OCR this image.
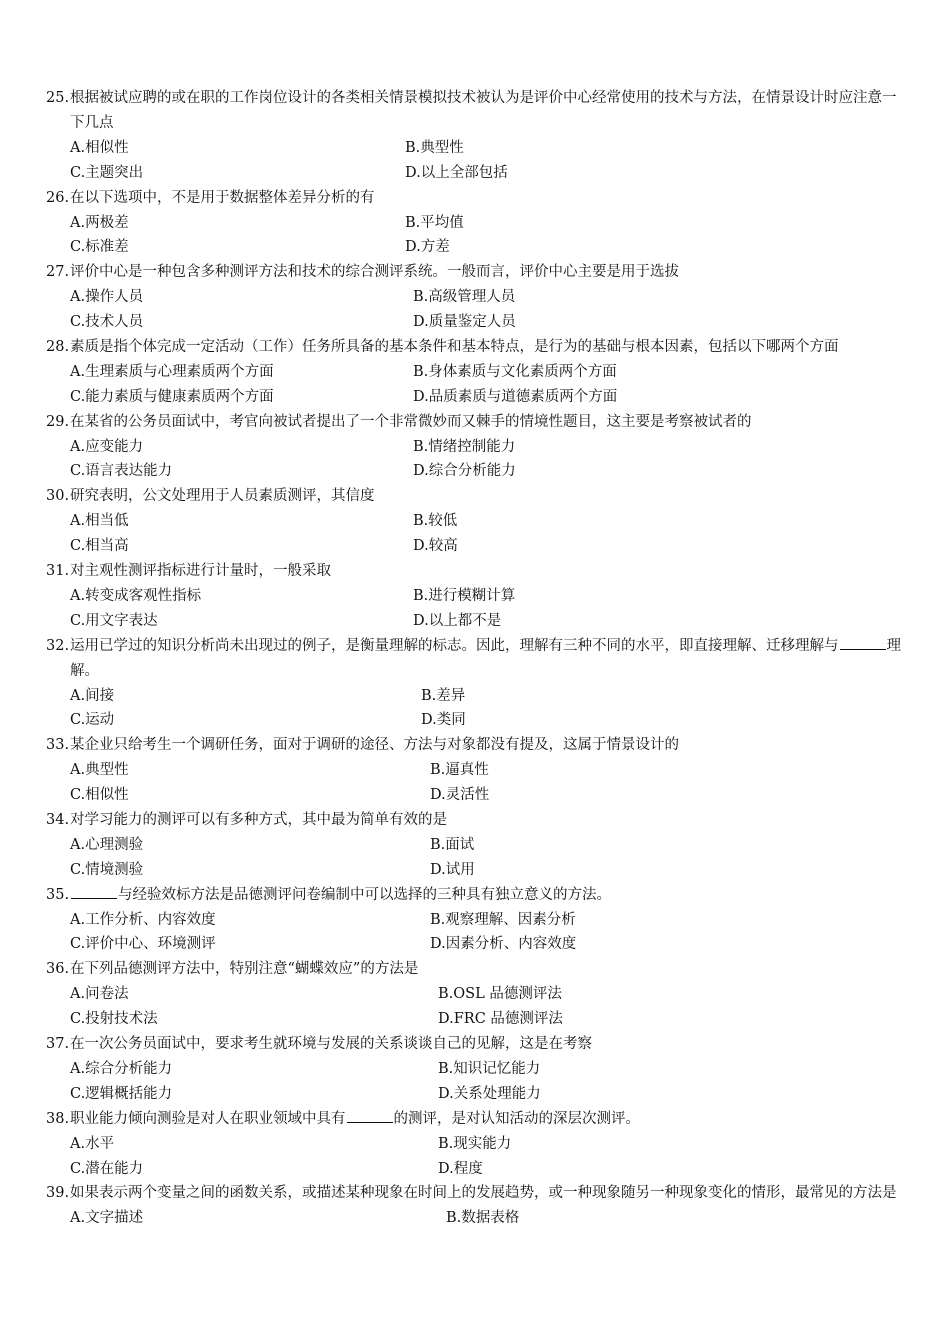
25. 根据被试应聘的或在职的工作岗位设计的各类相关情景模拟技术被认为是评价中心经常使用的技术与方法，在情景设计时应注意一下几点
A.相似性	B.典型性
C.主题突出	D.以上全部包括
26. 在以下选项中，不是用于数据整体差异分析的有
A.两极差	B.平均值
C.标准差	D.方差
27. 评价中心是一种包含多种测评方法和技术的综合测评系统。一般而言，评价中心主要是用于选拔
A.操作人员	B.高级管理人员
C.技术人员	D.质量鉴定人员
28. 素质是指个体完成一定活动（工作）任务所具备的基本条件和基本特点，是行为的基础与根本因素，包括以下哪两个方面
A.生理素质与心理素质两个方面	B.身体素质与文化素质两个方面
C.能力素质与健康素质两个方面	D.品质素质与道德素质两个方面
29. 在某省的公务员面试中，考官向被试者提出了一个非常微妙而又棘手的情境性题目，这主要是考察被试者的
A.应变能力	B.情绪控制能力
C.语言表达能力	D.综合分析能力
30. 研究表明，公文处理用于人员素质测评，其信度
A.相当低	B.较低
C.相当高	D.较高
31. 对主观性测评指标进行计量时，一般采取
A.转变成客观性指标	B.进行模糊计算
C.用文字表达	D.以上都不是
32. 运用已学过的知识分析尚未出现过的例子，是衡量理解的标志。因此，理解有三种不同的水平，即直接理解、迁移理解与	理解。
A.间接	B.差异
C.运动	D.类同
33. 某企业只给考生一个调研任务，面对于调研的途径、方法与对象都没有提及，这属于情景设计的
A.典型性	B.逼真性
C.相似性	D.灵活性
34. 对学习能力的测评可以有多种方式，其中最为简单有效的是
A.心理测验	B.面试
C.情境测验	D.试用
35.	与经验效标方法是品德测评问卷编制中可以选择的三种具有独立意义的方法。
A.工作分析、内容效度	B.观察理解、因素分析
C.评价中心、环境测评	D.因素分析、内容效度
36. 在下列品德测评方法中，特别注意“蝴蝶效应”的方法是
A.问卷法	B.OSL 品德测评法
C.投射技术法	D.FRC 品德测评法
37. 在一次公务员面试中，要求考生就环境与发展的关系谈谈自己的见解，这是在考察
A.综合分析能力	B.知识记忆能力
C.逻辑概括能力	D.关系处理能力
38. 职业能力倾向测验是对人在职业领域中具有	的测评，是对认知活动的深层次测评。
A.水平	B.现实能力
C.潜在能力	D.程度
39. 如果表示两个变量之间的函数关系，或描述某种现象在时间上的发展趋势，或一种现象随另一种现象变化的情形，最常见的方法是
A.文字描述	B.数据表格
